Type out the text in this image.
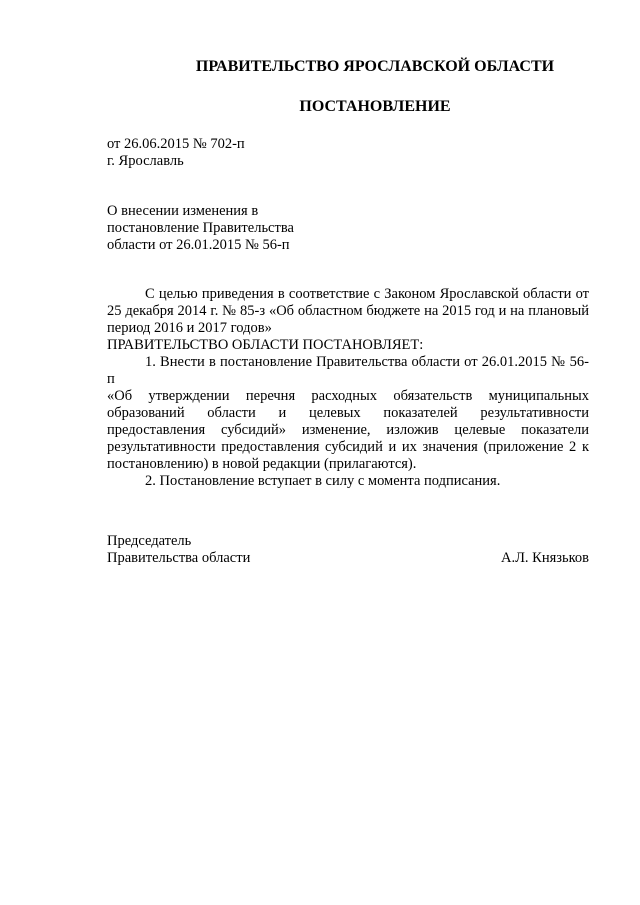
ПРАВИТЕЛЬСТВО ЯРОСЛАВСКОЙ ОБЛАСТИ
ПОСТАНОВЛЕНИЕ
от 26.06.2015 № 702-п
г. Ярославль
О внесении изменения в
постановление Правительства
области от 26.01.2015 № 56-п

С целью приведения в соответствие с Законом Ярославской области от 25 декабря 2014 г. № 85-з «Об областном бюджете на 2015 год и на плановый период 2016 и 2017 годов»

ПРАВИТЕЛЬСТВО ОБЛАСТИ ПОСТАНОВЛЯЕТ:

1. Внести в постановление Правительства области от 26.01.2015 № 56-п

«Об утверждении перечня расходных обязательств муниципальных образований области и целевых показателей результативности предоставления субсидий» изменение, изложив целевые показатели результативности предоставления субсидий и их значения (приложение 2 к постановлению) в новой редакции (прилагаются).

2. Постановление вступает в силу с момента подписания.

Председатель
Правительства области	А.Л. Князьков
